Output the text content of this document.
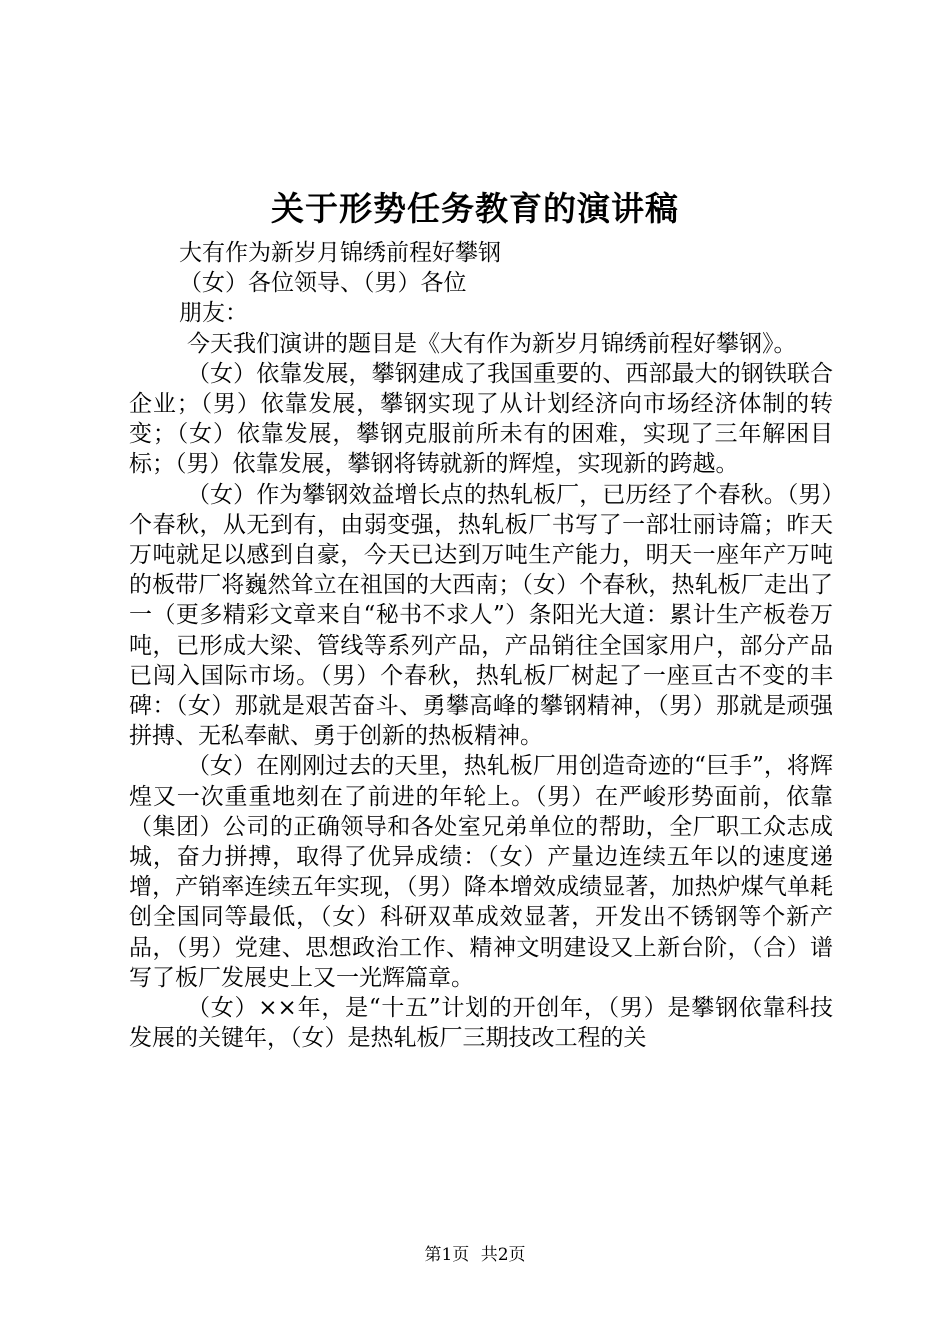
关于形势任务教育的演讲稿

大有作为新岁月锦绣前程好攀钢

（女）各位领导、（男）各位

朋友：

今天我们演讲的题目是《大有作为新岁月锦绣前程好攀钢》。

（女）依靠发展，攀钢建成了我国重要的、西部最大的钢铁联合企业；（男）依靠发展，攀钢实现了从计划经济向市场经济体制的转变；（女）依靠发展，攀钢克服前所未有的困难，实现了三年解困目标；（男）依靠发展，攀钢将铸就新的辉煌，实现新的跨越。

（女）作为攀钢效益增长点的热轧板厂，已历经了个春秋。（男）个春秋，从无到有，由弱变强，热轧板厂书写了一部壮丽诗篇；昨天万吨就足以感到自豪，今天已达到万吨生产能力，明天一座年产万吨的板带厂将巍然耸立在祖国的大西南；（女）个春秋，热轧板厂走出了一（更多精彩文章来自“秘书不求人”）条阳光大道：累计生产板卷万吨，已形成大梁、管线等系列产品，产品销往全国家用户，部分产品已闯入国际市场。（男）个春秋，热轧板厂树起了一座亘古不变的丰碑：（女）那就是艰苦奋斗、勇攀高峰的攀钢精神，（男）那就是顽强拼搏、无私奉献、勇于创新的热板精神。

（女）在刚刚过去的天里，热轧板厂用创造奇迹的“巨手”，将辉煌又一次重重地刻在了前进的年轮上。（男）在严峻形势面前，依靠（集团）公司的正确领导和各处室兄弟单位的帮助，全厂职工众志成城，奋力拼搏，取得了优异成绩：（女）产量边连续五年以的速度递增，产销率连续五年实现，（男）降本增效成绩显著，加热炉煤气单耗创全国同等最低，（女）科研双革成效显著，开发出不锈钢等个新产品，（男）党建、思想政治工作、精神文明建设又上新台阶，（合）谱写了板厂发展史上又一光辉篇章。

（女）××年，是“十五”计划的开创年，（男）是攀钢依靠科技发展的关键年，（女）是热轧板厂三期技改工程的关

第1页 共2页
